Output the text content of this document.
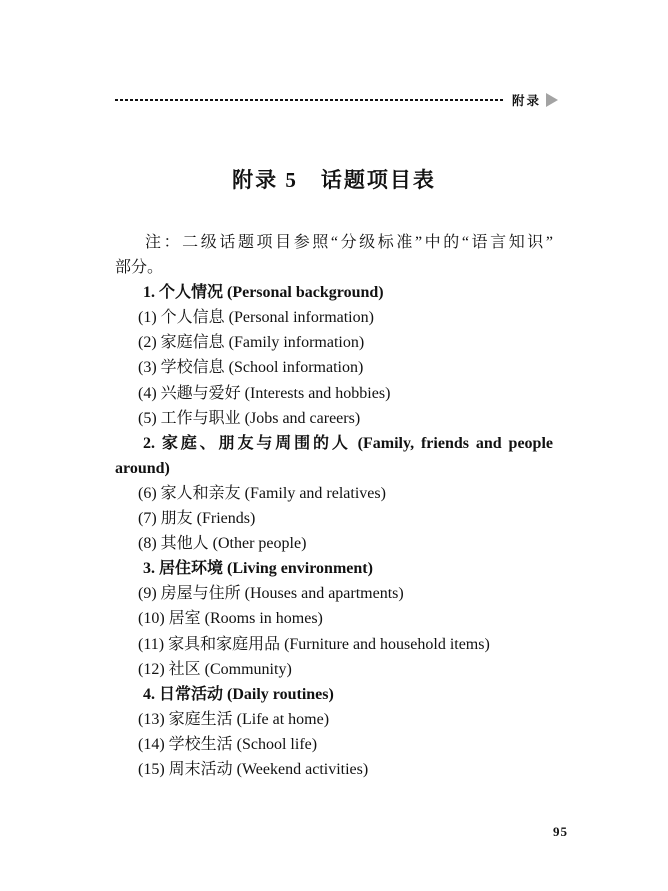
附录
附录 5　话题项目表

注：二级话题项目参照“分级标准”中的“语言知识”

部分。

1. 个人情况 (Personal background)

(1) 个人信息 (Personal information)

(2) 家庭信息 (Family information)

(3) 学校信息 (School information)

(4) 兴趣与爱好 (Interests and hobbies)

(5) 工作与职业 (Jobs and careers)

2. 家庭、朋友与周围的人 (Family, friends and people

around)

(6) 家人和亲友 (Family and relatives)

(7) 朋友 (Friends)

(8) 其他人 (Other people)

3. 居住环境 (Living environment)

(9) 房屋与住所 (Houses and apartments)

(10) 居室 (Rooms in homes)

(11) 家具和家庭用品 (Furniture and household items)

(12) 社区 (Community)

4. 日常活动 (Daily routines)

(13) 家庭生活 (Life at home)

(14) 学校生活 (School life)

(15) 周末活动 (Weekend activities)

95
